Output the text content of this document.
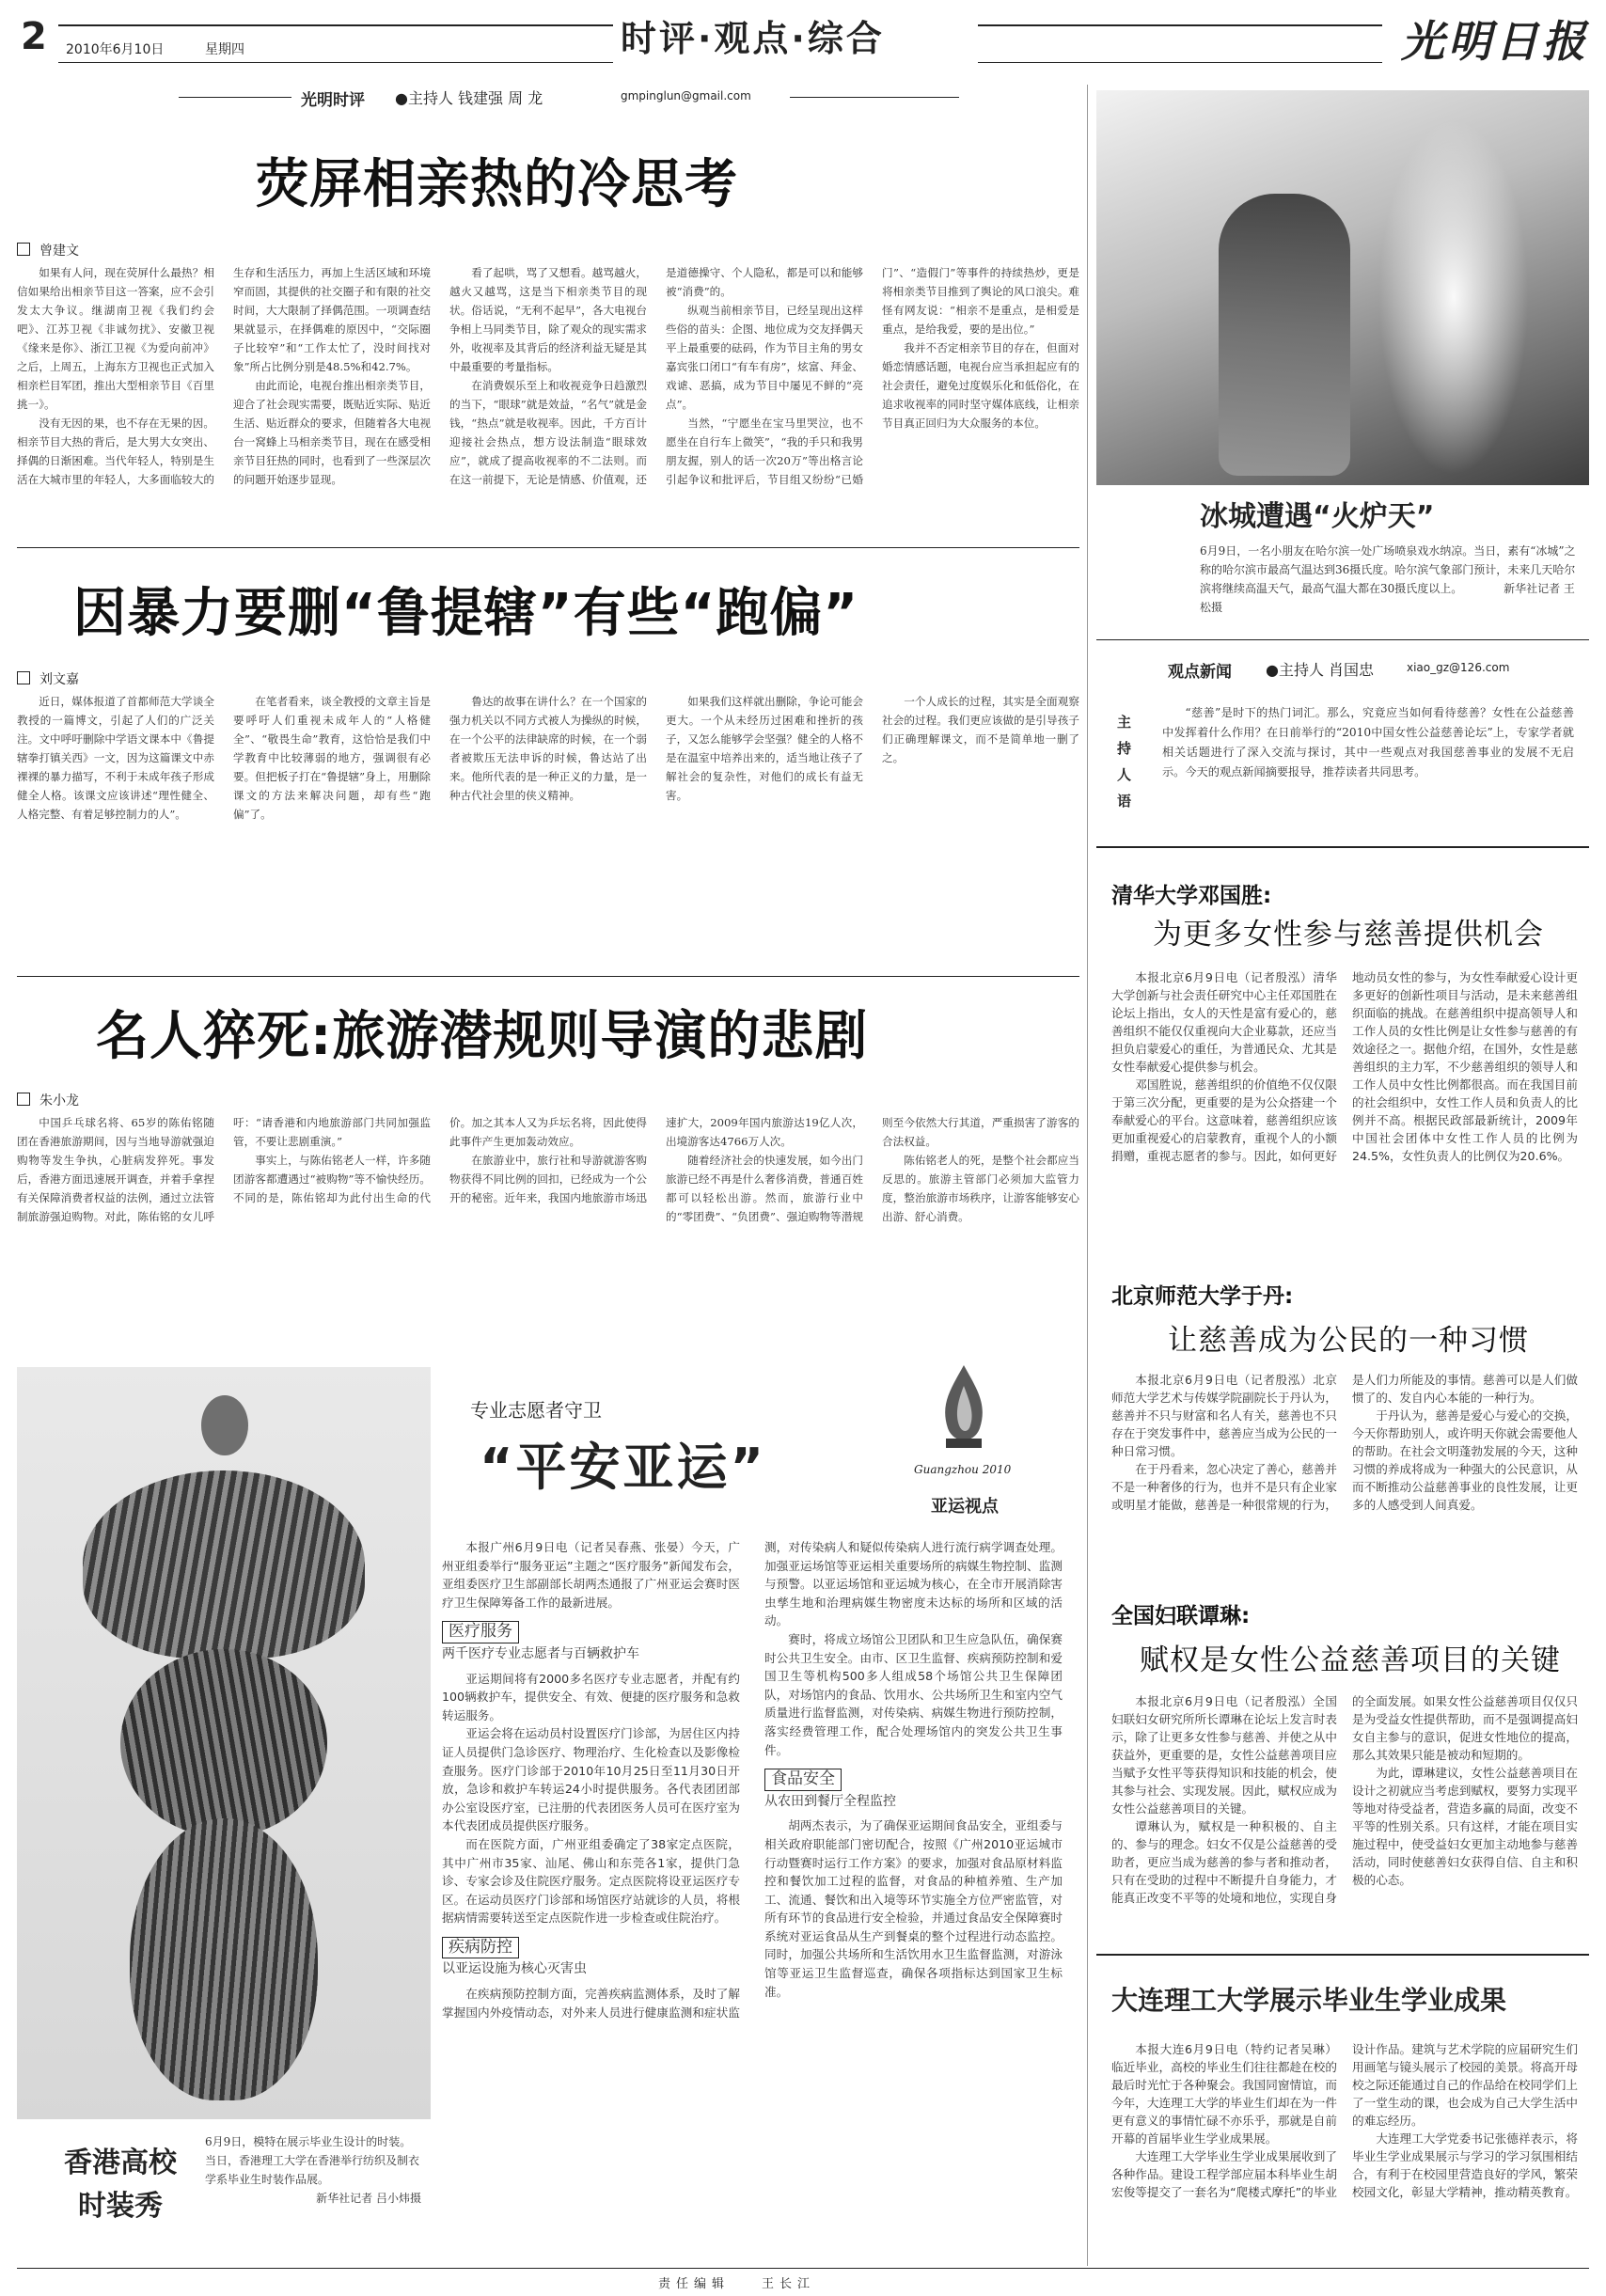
2 2010年6月10日	星期四	时评·观点·综合	光明日报
光明时评 ●主持人 钱建强 周 龙	gmpinglun@gmail.com
荧屏相亲热的冷思考
曾建文

如果有人问，现在荧屏什么最热？相信如果给出相亲节目这一答案，应不会引发太大争议。继湖南卫视《我们约会吧》、江苏卫视《非诚勿扰》、安徽卫视《缘来是你》、浙江卫视《为爱向前冲》之后，上周五，上海东方卫视也正式加入相亲栏目军团，推出大型相亲节目《百里挑一》。

没有无因的果，也不存在无果的因。相亲节目大热的背后，是大男大女突出、择偶的日渐困难。当代年轻人，特别是生活在大城市里的年轻人，大多面临较大的生存和生活压力，再加上生活区域和环境窄而固，其提供的社交圈子和有限的社交时间，大大限制了择偶范围。一项调查结果就显示，在择偶难的原因中，“交际圈子比较窄”和“工作太忙了，没时间找对象”所占比例分别是48.5%和42.7%。

由此而论，电视台推出相亲类节目，迎合了社会现实需要，既贴近实际、贴近生活、贴近群众的要求，但随着各大电视台一窝蜂上马相亲类节目，现在在感受相亲节目狂热的同时，也看到了一些深层次的问题开始逐步显现。

看了起哄，骂了又想看。越骂越火，越火又越骂，这是当下相亲类节目的现状。俗话说，“无利不起早”，各大电视台争相上马同类节目，除了观众的现实需求外，收视率及其背后的经济利益无疑是其中最重要的考量指标。

在消费娱乐至上和收视竞争日趋激烈的当下，“眼球”就是效益，“名气”就是金钱，“热点”就是收视率。因此，千方百计迎接社会热点，想方设法制造“眼球效应”，就成了提高收视率的不二法则。而在这一前提下，无论是情感、价值观，还是道德操守、个人隐私，都是可以和能够被“消费”的。

纵观当前相亲节目，已经呈现出这样些俗的苗头：企图、地位成为交友择偶天平上最重要的砝码，作为节目主角的男女嘉宾张口闭口“有车有房”，炫富、拜金、戏谑、恶搞，成为节目中屡见不鲜的“亮点”。

当然，“宁愿坐在宝马里哭泣，也不愿坐在自行车上微笑”，“我的手只和我男朋友握，别人的话一次20万”等出格言论引起争议和批评后，节目组又纷纷“已婚门”、“造假门”等事件的持续热炒，更是将相亲类节目推到了舆论的风口浪尖。难怪有网友说：“相亲不是重点，是相爱是重点，是给我爱，要的是出位。”

我并不否定相亲节目的存在，但面对婚恋情感话题，电视台应当承担起应有的社会责任，避免过度娱乐化和低俗化，在追求收视率的同时坚守媒体底线，让相亲节目真正回归为大众服务的本位。

因暴力要删“鲁提辖”有些“跑偏”
刘文嘉

近日，媒体报道了首都师范大学谈全教授的一篇博文，引起了人们的广泛关注。文中呼吁删除中学语文课本中《鲁提辖拳打镇关西》一文，因为这篇课文中赤裸裸的暴力描写，不利于未成年孩子形成健全人格。该课文应该讲述“理性健全、人格完整、有着足够控制力的人”。

在笔者看来，谈全教授的文章主旨是要呼吁人们重视未成年人的“人格健全”、“敬畏生命”教育，这恰恰是我们中学教育中比较薄弱的地方，强调很有必要。但把板子打在“鲁提辖”身上，用删除课文的方法来解决问题，却有些“跑偏”了。

鲁达的故事在讲什么？在一个国家的强力机关以不同方式被人为操纵的时候，在一个公平的法律缺席的时候，在一个弱者被欺压无法申诉的时候，鲁达站了出来。他所代表的是一种正义的力量，是一种古代社会里的侠义精神。

如果我们这样就出删除，争论可能会更大。一个从未经历过困难和挫折的孩子，又怎么能够学会坚强？健全的人格不是在温室中培养出来的，适当地让孩子了解社会的复杂性，对他们的成长有益无害。

一个人成长的过程，其实是全面观察社会的过程。我们更应该做的是引导孩子们正确理解课文，而不是简单地一删了之。

名人猝死:旅游潜规则导演的悲剧
朱小龙

中国乒乓球名将、65岁的陈佑铭随团在香港旅游期间，因与当地导游就强迫购物等发生争执，心脏病发猝死。事发后，香港方面迅速展开调查，并着手拿捏有关保障消费者权益的法例，通过立法管制旅游强迫购物。对此，陈佑铭的女儿呼吁：“请香港和内地旅游部门共同加强监管，不要让悲剧重演。”

事实上，与陈佑铭老人一样，许多随团游客都遭遇过“被购物”等不愉快经历。不同的是，陈佑铭却为此付出生命的代价。加之其本人又为乒坛名将，因此使得此事件产生更加轰动效应。

在旅游业中，旅行社和导游就游客购物获得不同比例的回扣，已经成为一个公开的秘密。近年来，我国内地旅游市场迅速扩大，2009年国内旅游达19亿人次，出境游客达4766万人次。

随着经济社会的快速发展，如今出门旅游已经不再是什么奢侈消费，普通百姓都可以轻松出游。然而，旅游行业中的“零团费”、“负团费”、强迫购物等潜规则至今依然大行其道，严重损害了游客的合法权益。

陈佑铭老人的死，是整个社会都应当反思的。旅游主管部门必须加大监管力度，整治旅游市场秩序，让游客能够安心出游、舒心消费。

冰城遭遇“火炉天”
6月9日，一名小朋友在哈尔滨一处广场喷泉戏水纳凉。当日，素有“冰城”之称的哈尔滨市最高气温达到36摄氏度。哈尔滨气象部门预计，未来几天哈尔滨将继续高温天气，最高气温大都在30摄氏度以上。	新华社记者 王松摄
观点新闻 ●主持人 肖国忠	xiao_gz@126.com
主持人语
“慈善”是时下的热门词汇。那么，究竟应当如何看待慈善？女性在公益慈善中发挥着什么作用？在日前举行的“2010中国女性公益慈善论坛”上，专家学者就相关话题进行了深入交流与探讨，其中一些观点对我国慈善事业的发展不无启示。今天的观点新闻摘要报导，推荐读者共同思考。
清华大学邓国胜:
为更多女性参与慈善提供机会

本报北京6月9日电（记者殷泓）清华大学创新与社会责任研究中心主任邓国胜在论坛上指出，女人的天性是富有爱心的，慈善组织不能仅仅重视向大企业募款，还应当担负启蒙爱心的重任，为普通民众、尤其是女性奉献爱心提供参与机会。

邓国胜说，慈善组织的价值绝不仅仅限于第三次分配，更重要的是为公众搭建一个奉献爱心的平台。这意味着，慈善组织应该更加重视爱心的启蒙教育，重视个人的小额捐赠，重视志愿者的参与。因此，如何更好地动员女性的参与，为女性奉献爱心设计更多更好的创新性项目与活动，是未来慈善组织面临的挑战。在慈善组织中提高领导人和工作人员的女性比例是让女性参与慈善的有效途径之一。据他介绍，在国外，女性是慈善组织的主力军，不少慈善组织的领导人和工作人员中女性比例都很高。而在我国目前的社会组织中，女性工作人员和负责人的比例并不高。根据民政部最新统计，2009年中国社会团体中女性工作人员的比例为24.5%，女性负责人的比例仅为20.6%。

北京师范大学于丹:
让慈善成为公民的一种习惯

本报北京6月9日电（记者殷泓）北京师范大学艺术与传媒学院副院长于丹认为，慈善并不只与财富和名人有关，慈善也不只存在于突发事件中，慈善应当成为公民的一种日常习惯。

在于丹看来，忽心决定了善心，慈善并不是一种奢侈的行为，也并不是只有企业家或明星才能做，慈善是一种很常规的行为，是人们力所能及的事情。慈善可以是人们做惯了的、发自内心本能的一种行为。

于丹认为，慈善是爱心与爱心的交换，今天你帮助别人，或许明天你就会需要他人的帮助。在社会文明蓬勃发展的今天，这种习惯的养成将成为一种强大的公民意识，从而不断推动公益慈善事业的良性发展，让更多的人感受到人间真爱。

全国妇联谭琳:
赋权是女性公益慈善项目的关键

本报北京6月9日电（记者殷泓）全国妇联妇女研究所所长谭琳在论坛上发言时表示，除了让更多女性参与慈善、并使之从中获益外，更重要的是，女性公益慈善项目应当赋予女性平等获得知识和技能的机会，使其参与社会、实现发展。因此，赋权应成为女性公益慈善项目的关键。

谭琳认为，赋权是一种积极的、自主的、参与的理念。妇女不仅是公益慈善的受助者，更应当成为慈善的参与者和推动者，只有在受助的过程中不断提升自身能力，才能真正改变不平等的处境和地位，实现自身的全面发展。如果女性公益慈善项目仅仅只是为受益女性提供帮助，而不是强调提高妇女自主参与的意识，促进女性地位的提高，那么其效果只能是被动和短期的。

为此，谭琳建议，女性公益慈善项目在设计之初就应当考虑到赋权，要努力实现平等地对待受益者，营造多赢的局面，改变不平等的性别关系。只有这样，才能在项目实施过程中，使受益妇女更加主动地参与慈善活动，同时使慈善妇女获得自信、自主和积极的心态。

大连理工大学展示毕业生学业成果

本报大连6月9日电（特约记者吴琳）临近毕业，高校的毕业生们往往都趁在校的最后时光忙于各种聚会。我国同窗情谊，而今年，大连理工大学的毕业生们却在为一件更有意义的事情忙碌不亦乐乎，那就是自前开幕的首届毕业生学业成果展。

大连理工大学毕业生学业成果展收到了各种作品。建设工程学部应届本科毕业生胡宏俊等提交了一套名为“爬楼式摩托”的毕业设计作品。建筑与艺术学院的应届研究生们用画笔与镜头展示了校园的美景。将高开母校之际还能通过自己的作品给在校同学们上了一堂生动的课，也会成为自己大学生活中的难忘经历。

大连理工大学党委书记张德祥表示，将毕业生学业成果展示与学习的学习氛围相结合，有利于在校园里营造良好的学风，繁荣校园文化，彰显大学精神，推动精英教育。

香港高校时装秀
6月9日，模特在展示毕业生设计的时装。当日，香港理工大学在香港举行纺织及制衣学系毕业生时装作品展。
新华社记者 吕小炜摄
专业志愿者守卫
“平安亚运”	Guangzhou 2010
亚运视点

本报广州6月9日电（记者吴春燕、张晏）今天，广州亚组委举行“服务亚运”主题之“医疗服务”新闻发布会，亚组委医疗卫生部副部长胡两杰通报了广州亚运会赛时医疗卫生保障筹备工作的最新进展。

医疗服务
两千医疗专业志愿者与百辆救护车

亚运期间将有2000多名医疗专业志愿者，并配有约100辆救护车，提供安全、有效、便捷的医疗服务和急救转运服务。

亚运会将在运动员村设置医疗门诊部，为居住区内持证人员提供门急诊医疗、物理治疗、生化检查以及影像检查服务。医疗门诊部于2010年10月25日至11月30日开放，急诊和救护车转运24小时提供服务。各代表团团部办公室设医疗室，已注册的代表团医务人员可在医疗室为本代表团成员提供医疗服务。

而在医院方面，广州亚组委确定了38家定点医院，其中广州市35家、汕尾、佛山和东莞各1家，提供门急诊、专家会诊及住院医疗服务。定点医院将设亚运医疗专区。在运动员医疗门诊部和场馆医疗站就诊的人员，将根据病情需要转送至定点医院作进一步检查或住院治疗。

疾病防控
以亚运设施为核心灭害虫

在疾病预防控制方面，完善疾病监测体系，及时了解掌握国内外疫情动态，对外来人员进行健康监测和症状监测，对传染病人和疑似传染病人进行流行病学调查处理。加强亚运场馆等亚运相关重要场所的病媒生物控制、监测与预警。以亚运场馆和亚运城为核心，在全市开展消除害虫孳生地和治理病媒生物密度未达标的场所和区域的活动。

赛时，将成立场馆公卫团队和卫生应急队伍，确保赛时公共卫生安全。由市、区卫生监督、疾病预防控制和爱国卫生等机构500多人组成58个场馆公共卫生保障团队，对场馆内的食品、饮用水、公共场所卫生和室内空气质量进行监督监测，对传染病、病媒生物进行预防控制，落实经费管理工作，配合处理场馆内的突发公共卫生事件。

食品安全
从农田到餐厅全程监控

胡两杰表示，为了确保亚运期间食品安全，亚组委与相关政府职能部门密切配合，按照《广州2010亚运城市行动暨赛时运行工作方案》的要求，加强对食品原材料监控和餐饮加工过程的监督，对食品的种植养殖、生产加工、流通、餐饮和出入境等环节实施全方位严密监管，对所有环节的食品进行安全检验，并通过食品安全保障赛时系统对亚运食品从生产到餐桌的整个过程进行动态监控。同时，加强公共场所和生活饮用水卫生监督监测，对游泳馆等亚运卫生监督巡查，确保各项指标达到国家卫生标准。

责任编辑	王长江
